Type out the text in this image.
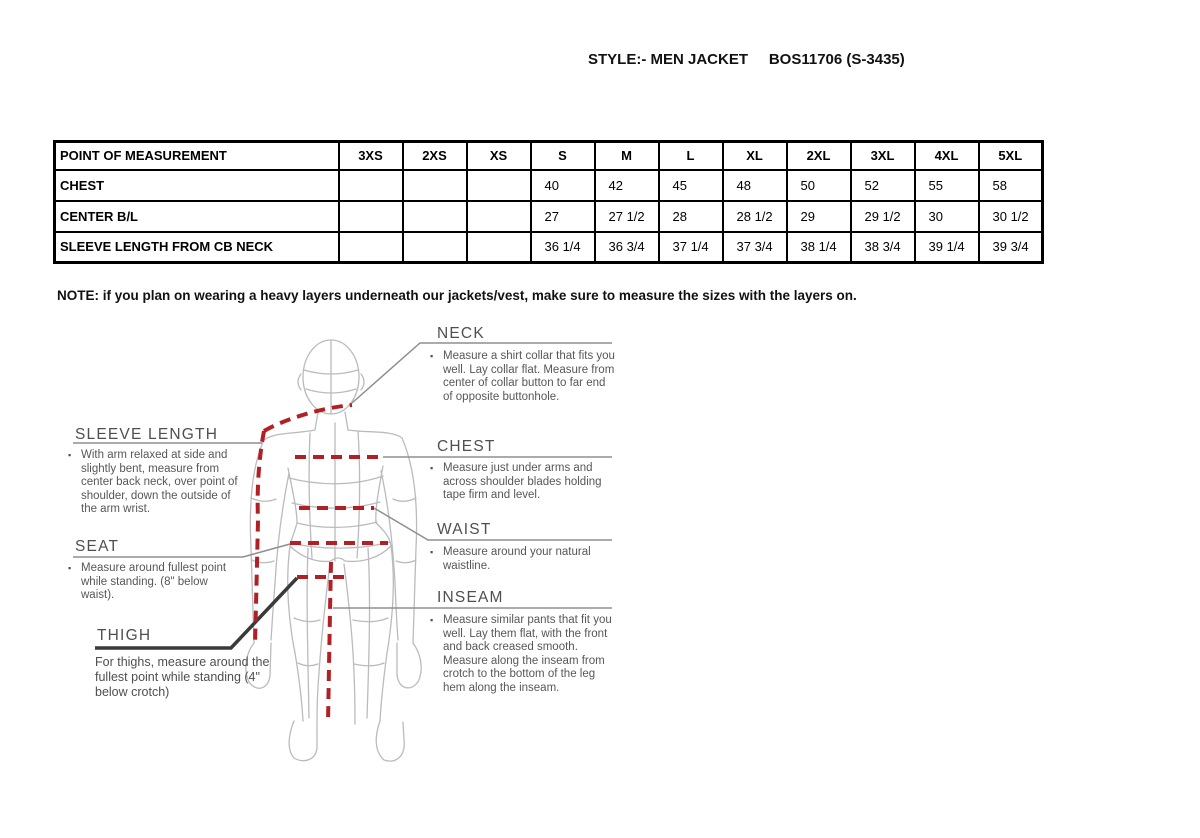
STYLE:- MEN JACKET     BOS11706 (S-3435)
POINT OF MEASUREMENT	3XS	2XS	XS	S	M	L	XL	2XL	3XL	4XL	5XL
CHEST				40	42	45	48	50	52	55	58
CENTER B/L				27	27 1/2	28	28 1/2	29	29 1/2	30	30 1/2
SLEEVE LENGTH FROM CB NECK				36 1/4	36 3/4	37 1/4	37 3/4	38 1/4	38 3/4	39 1/4	39 3/4
NOTE: if you plan on wearing a heavy layers underneath our jackets/vest, make sure to measure the sizes with the layers on.
NECK
▪ Measure a shirt collar that fits you well. Lay collar flat. Measure from center of collar button to far end of opposite buttonhole.
CHEST
▪ Measure just under arms and across shoulder blades holding tape firm and level.
WAIST
▪ Measure around your natural waistline.
INSEAM
▪ Measure similar pants that fit you well. Lay them flat, with the front and back creased smooth. Measure along the inseam from crotch to the bottom of the leg hem along the inseam.
SLEEVE LENGTH
▪ With arm relaxed at side and slightly bent, measure from center back neck, over point of shoulder, down the outside of the arm wrist.
SEAT
▪ Measure around fullest point while standing. (8" below waist).
THIGH
For thighs, measure around the fullest point while standing (4" below crotch)
